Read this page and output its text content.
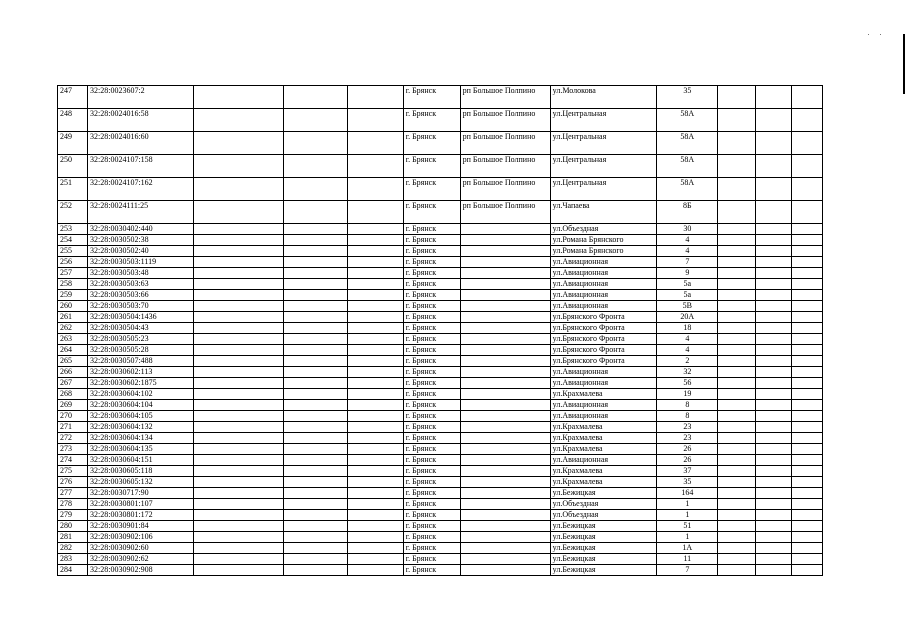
247	32:28:0023607:2				г. Брянск	рп Большое Полпино	ул.Молокова	35			
248	32:28:0024016:58				г. Брянск	рп Большое Полпино	ул.Центральная	58А			
249	32:28:0024016:60				г. Брянск	рп Большое Полпино	ул.Центральная	58А			
250	32:28:0024107:158				г. Брянск	рп Большое Полпино	ул.Центральная	58А			
251	32:28:0024107:162				г. Брянск	рп Большое Полпино	ул.Центральная	58А			
252	32:28:0024111:25				г. Брянск	рп Большое Полпино	ул.Чапаева	8Б			
253	32:28:0030402:440				г. Брянск		ул.Объездная	30			
254	32:28:0030502:38				г. Брянск		ул.Романа Брянского	4			
255	32:28:0030502:40				г. Брянск		ул.Романа Брянского	4			
256	32:28:0030503:1119				г. Брянск		ул.Авиационная	7			
257	32:28:0030503:48				г. Брянск		ул.Авиационная	9			
258	32:28:0030503:63				г. Брянск		ул.Авиационная	5а			
259	32:28:0030503:66				г. Брянск		ул.Авиационная	5а			
260	32:28:0030503:70				г. Брянск		ул.Авиационная	5В			
261	32:28:0030504:1436				г. Брянск		ул.Брянского Фронта	20А			
262	32:28:0030504:43				г. Брянск		ул.Брянского Фронта	18			
263	32:28:0030505:23				г. Брянск		ул.Брянского Фронта	4			
264	32:28:0030505:28				г. Брянск		ул.Брянского Фронта	4			
265	32:28:0030507:488				г. Брянск		ул.Брянского Фронта	2			
266	32:28:0030602:113				г. Брянск		ул.Авиационная	32			
267	32:28:0030602:1875				г. Брянск		ул.Авиационная	56			
268	32:28:0030604:102				г. Брянск		ул.Крахмалева	19			
269	32:28:0030604:104				г. Брянск		ул.Авиационная	8			
270	32:28:0030604:105				г. Брянск		ул.Авиационная	8			
271	32:28:0030604:132				г. Брянск		ул.Крахмалева	23			
272	32:28:0030604:134				г. Брянск		ул.Крахмалева	23			
273	32:28:0030604:135				г. Брянск		ул.Крахмалева	26			
274	32:28:0030604:151				г. Брянск		ул.Авиационная	26			
275	32:28:0030605:118				г. Брянск		ул.Крахмалева	37			
276	32:28:0030605:132				г. Брянск		ул.Крахмалева	35			
277	32:28:0030717:90				г. Брянск		ул.Бежицкая	164			
278	32:28:0030801:107				г. Брянск		ул.Объездная	1			
279	32:28:0030801:172				г. Брянск		ул.Объездная	1			
280	32:28:0030901:84				г. Брянск		ул.Бежицкая	51			
281	32:28:0030902:106				г. Брянск		ул.Бежицкая	1			
282	32:28:0030902:60				г. Брянск		ул.Бежицкая	1А			
283	32:28:0030902:62				г. Брянск		ул.Бежицкая	11			
284	32:28:0030902:908				г. Брянск		ул.Бежицкая	7			
